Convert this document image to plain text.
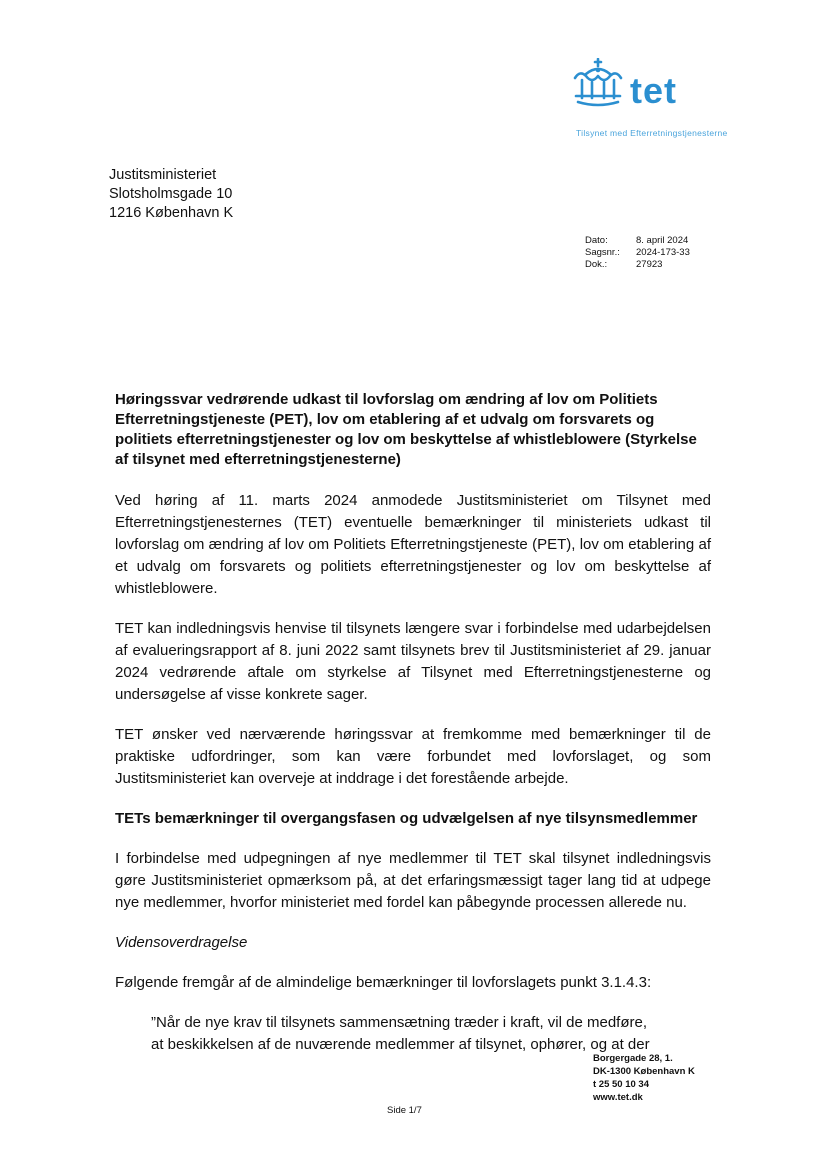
tet
Tilsynet med Efterretningstjenesterne
Justitsministeriet
Slotsholmsgade 10
1216 København K
Dato:	8. april 2024
Sagsnr.:	2024-173-33
Dok.:	27923

Høringssvar vedrørende udkast til lovforslag om ændring af lov om Politiets Efterretningstjeneste (PET), lov om etablering af et udvalg om forsvarets og politiets efterretningstjenester og lov om beskyttelse af whistleblowere (Styrkelse af tilsynet med efterretningstjenesterne)

Ved høring af 11. marts 2024 anmodede Justitsministeriet om Tilsynet med Efterretningstjenesternes (TET) eventuelle bemærkninger til ministeriets udkast til lovforslag om ændring af lov om Politiets Efterretningstjeneste (PET), lov om etablering af et udvalg om forsvarets og politiets efterretningstjenester og lov om beskyttelse af whistleblowere.

TET kan indledningsvis henvise til tilsynets længere svar i forbindelse med udarbejdelsen af evalueringsrapport af 8. juni 2022 samt tilsynets brev til Justitsministeriet af 29. januar 2024 vedrørende aftale om styrkelse af Tilsynet med Efterretningstjenesterne og undersøgelse af visse konkrete sager.

TET ønsker ved nærværende høringssvar at fremkomme med bemærkninger til de praktiske udfordringer, som kan være forbundet med lovforslaget, og som Justitsministeriet kan overveje at inddrage i det forestående arbejde.

TETs bemærkninger til overgangsfasen og udvælgelsen af nye tilsynsmedlemmer

I forbindelse med udpegningen af nye medlemmer til TET skal tilsynet indledningsvis gøre Justitsministeriet opmærksom på, at det erfaringsmæssigt tager lang tid at udpege nye medlemmer, hvorfor ministeriet med fordel kan påbegynde processen allerede nu.

Vidensoverdragelse

Følgende fremgår af de almindelige bemærkninger til lovforslagets punkt 3.1.4.3:

”Når de nye krav til tilsynets sammensætning træder i kraft, vil de medføre,

at beskikkelsen af de nuværende medlemmer af tilsynet, ophører, og at der

Borgergade 28, 1.
DK-1300 København K
t 25 50 10 34
www.tet.dk
Side 1/7
